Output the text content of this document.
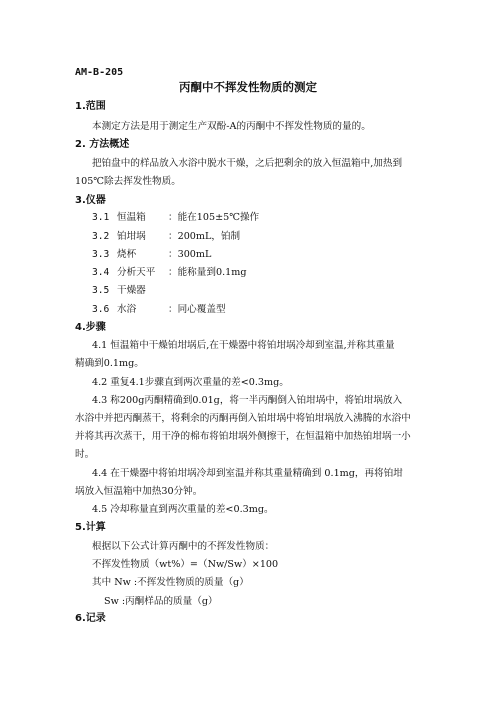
AM-B-205
丙酮中不挥发性物质的测定
1.范围
本测定方法是用于测定生产双酚-A的丙酮中不挥发性物质的量的。
2. 方法概述
把铂盘中的样品放入水浴中脱水干燥，之后把剩余的放入恒温箱中,加热到
105℃除去挥发性物质。
3.仪器
3.1 恒温箱 ：能在105±5℃操作
3.2 铂坩埚 ：200mL，铂制
3.3 烧杯	：300mL
3.4 分析天平 ：能称量到0.1mg
3.5 干燥器
3.6 水浴	：同心覆盖型
4.步骤
4.1 恒温箱中干燥铂坩埚后,在干燥器中将铂坩埚冷却到室温,并称其重量
精确到0.1mg。
4.2 重复4.1步骤直到两次重量的差<0.3mg。
4.3 称200g丙酮精确到0.01g，将一半丙酮倒入铂坩埚中，将铂坩埚放入
水浴中并把丙酮蒸干，将剩余的丙酮再倒入铂坩埚中将铂坩埚放入沸腾的水浴中
并将其再次蒸干，用干净的棉布将铂坩埚外侧擦干，在恒温箱中加热铂坩埚一小
时。
4.4 在干燥器中将铂坩埚冷却到室温并称其重量精确到 0.1mg，再将铂坩
埚放入恒温箱中加热30分钟。
4.5 冷却称量直到两次重量的差<0.3mg。
5.计算
根据以下公式计算丙酮中的不挥发性物质：
不挥发性物质（wt%）=（Nw/Sw）×100
其中 Nw :不挥发性物质的质量（g）
Sw :丙酮样品的质量（g）
6.记录
